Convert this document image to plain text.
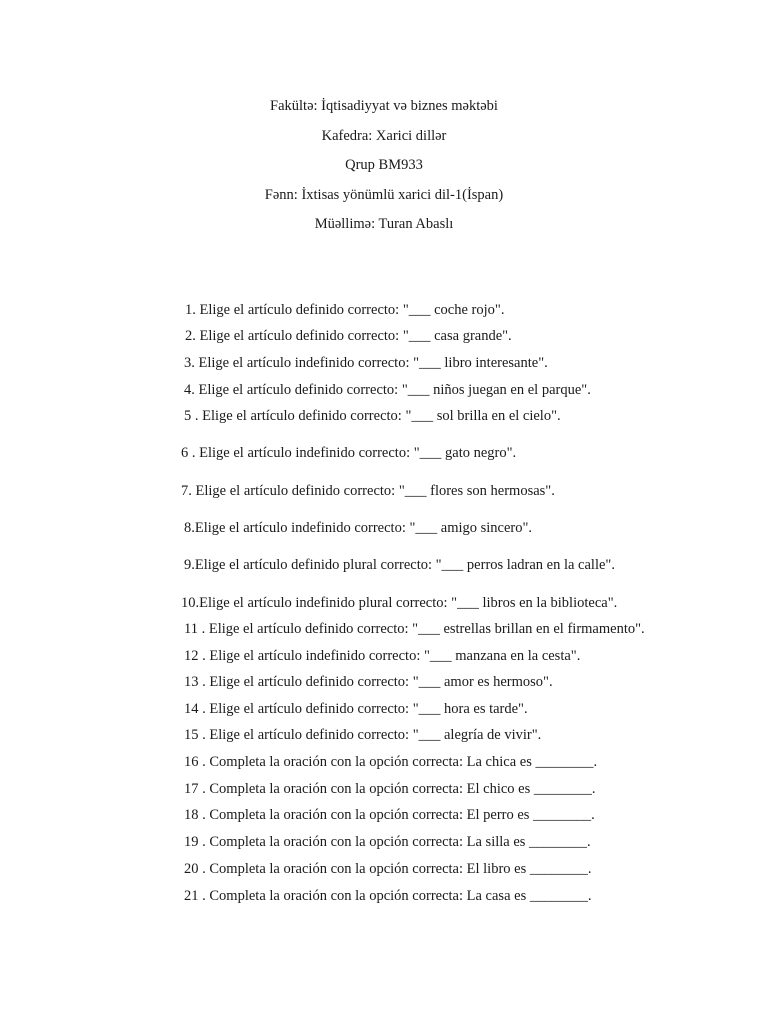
Fakültə: İqtisadiyyat və biznes məktəbi
Kafedra: Xarici dillər
Qrup BM933
Fənn: İxtisas yönümlü xarici dil-1(İspan)
Müəllimə: Turan Abaslı
1. Elige el artículo definido correcto: "___ coche rojo".
2. Elige el artículo definido correcto: "___ casa grande".
3. Elige el artículo indefinido correcto: "___ libro interesante".
4. Elige el artículo definido correcto: "___ niños juegan en el parque".
5 . Elige el artículo definido correcto: "___ sol brilla en el cielo".
6 . Elige el artículo indefinido correcto: "___ gato negro".
7. Elige el artículo definido correcto: "___ flores son hermosas".
8.Elige el artículo indefinido correcto: "___ amigo sincero".
9.Elige el artículo definido plural correcto: "___ perros ladran en la calle".
10.Elige el artículo indefinido plural correcto: "___ libros en la biblioteca".
11 . Elige el artículo definido correcto: "___ estrellas brillan en el firmamento".
12 . Elige el artículo indefinido correcto: "___ manzana en la cesta".
13 . Elige el artículo definido correcto: "___ amor es hermoso".
14 . Elige el artículo definido correcto: "___ hora es tarde".
15 . Elige el artículo definido correcto: "___ alegría de vivir".
16 . Completa la oración con la opción correcta: La chica es ________.
17 . Completa la oración con la opción correcta: El chico es ________.
18 . Completa la oración con la opción correcta: El perro es ________.
19 . Completa la oración con la opción correcta: La silla es ________.
20 . Completa la oración con la opción correcta: El libro es ________.
21 . Completa la oración con la opción correcta: La casa es ________.
